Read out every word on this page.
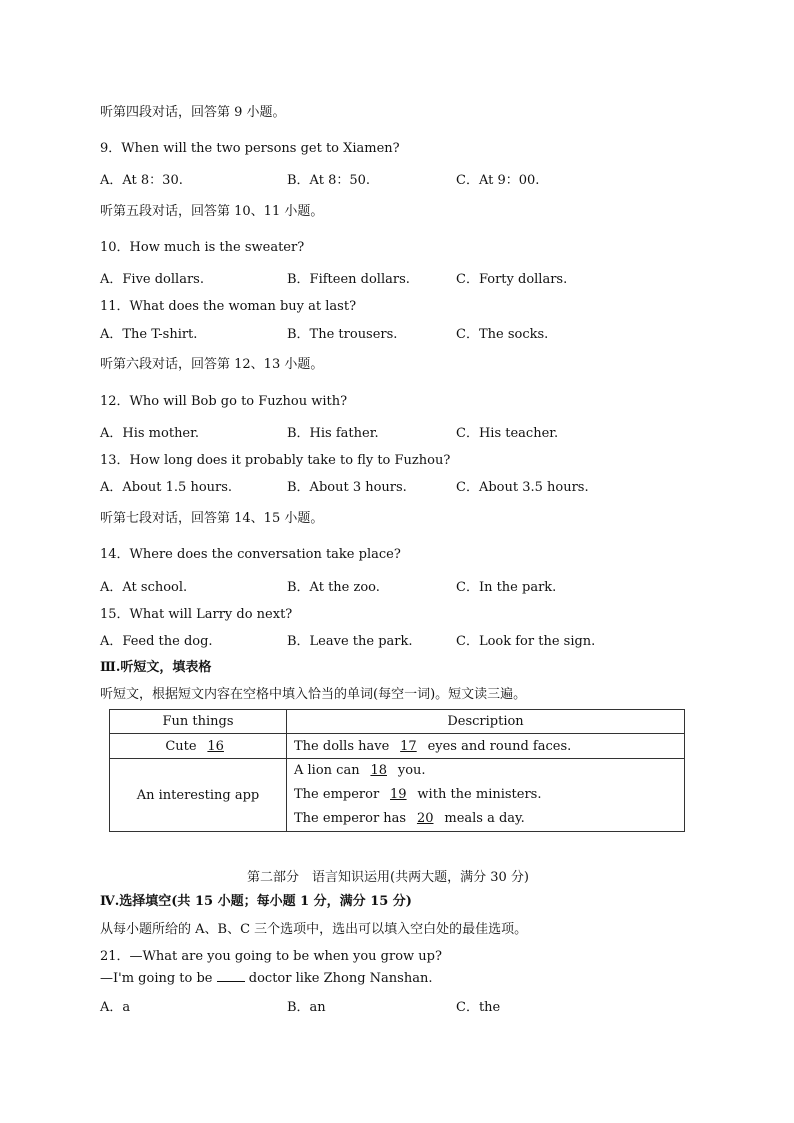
听第四段对话，回答第 9 小题。
9．When will the two persons get to Xiamen?
A．At 8：30.	B．At 8：50.	C．At 9：00.
听第五段对话，回答第 10、11 小题。
10．How much is the sweater?
A．Five dollars.	B．Fifteen dollars.	C．Forty dollars.
11．What does the woman buy at last?
A．The T-shirt.	B．The trousers.	C．The socks.
听第六段对话，回答第 12、13 小题。
12．Who will Bob go to Fuzhou with?
A．His mother.	B．His father.	C．His teacher.
13．How long does it probably take to fly to Fuzhou?
A．About 1.5 hours.	B．About 3 hours.	C．About 3.5 hours.
听第七段对话，回答第 14、15 小题。
14．Where does the conversation take place?
A．At school.	B．At the zoo.	C．In the park.
15．What will Larry do next?
A．Feed the dog.	B．Leave the park.	C．Look for the sign.
Ⅲ.听短文，填表格
听短文，根据短文内容在空格中填入恰当的单词(每空一词)。短文读三遍。
Fun things	Description
Cute 16	The dolls have 17 eyes and round faces.
An interesting app	A lion can 18 you.
The emperor 19 with the ministers.
The emperor has 20 meals a day.
第二部分　语言知识运用(共两大题，满分 30 分)
Ⅳ.选择填空(共 15 小题；每小题 1 分，满分 15 分)
从每小题所给的 A、B、C 三个选项中，选出可以填入空白处的最佳选项。
21．—What are you going to be when you grow up?
—I'm going to be  doctor like Zhong Nanshan.
A．a	B．an	C．the
